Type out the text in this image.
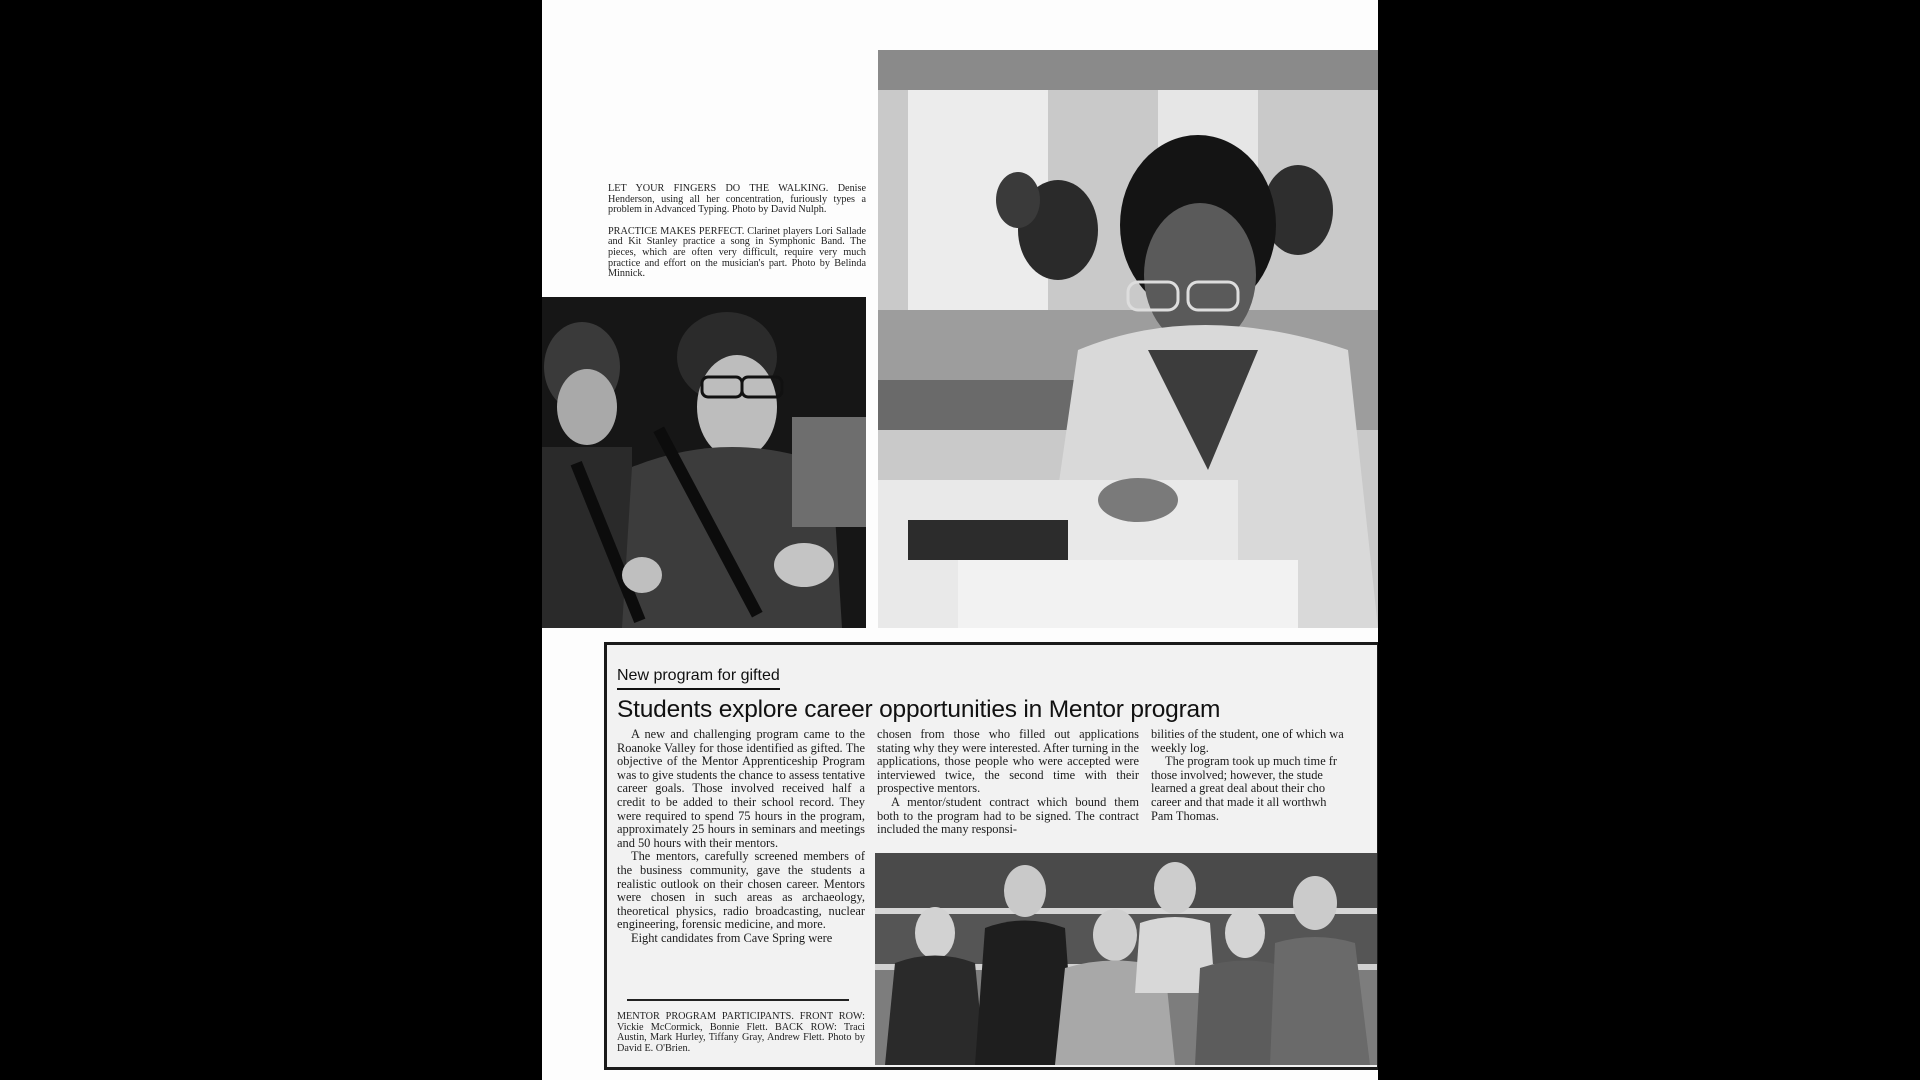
LET YOUR FINGERS DO THE WALKING. Denise Henderson, using all her concentration, furiously types a problem in Advanced Typing. Photo by David Nulph.

PRACTICE MAKES PERFECT. Clarinet players Lori Sallade and Kit Stanley practice a song in Symphonic Band. The pieces, which are often very difficult, require very much practice and effort on the musician's part. Photo by Belinda Minnick.

New program for gifted
Students explore career opportunities in Mentor program

A new and challenging program came to the Roanoke Valley for those identified as gifted. The objective of the Mentor Apprenticeship Program was to give students the chance to assess tentative career goals. Those involved received half a credit to be added to their school record. They were required to spend 75 hours in the program, approximately 25 hours in seminars and meetings and 50 hours with their mentors.

The mentors, carefully screened members of the business community, gave the students a realistic outlook on their chosen career. Mentors were chosen in such areas as archaeology, theoretical physics, radio broadcasting, nuclear engineering, forensic medicine, and more.

Eight candidates from Cave Spring were

chosen from those who filled out applications stating why they were interested. After turning in the applications, those people who were accepted were interviewed twice, the second time with their prospective mentors.

A mentor/student contract which bound them both to the program had to be signed. The contract included the many responsi-

bilities of the student, one of which wa

weekly log.

The program took up much time fr

those involved; however, the stude

learned a great deal about their cho

career and that made it all worthwh

Pam Thomas.

MENTOR PROGRAM PARTICIPANTS. FRONT ROW: Vickie McCormick, Bonnie Flett. BACK ROW: Traci Austin, Mark Hurley, Tiffany Gray, Andrew Flett. Photo by David E. O'Brien.
